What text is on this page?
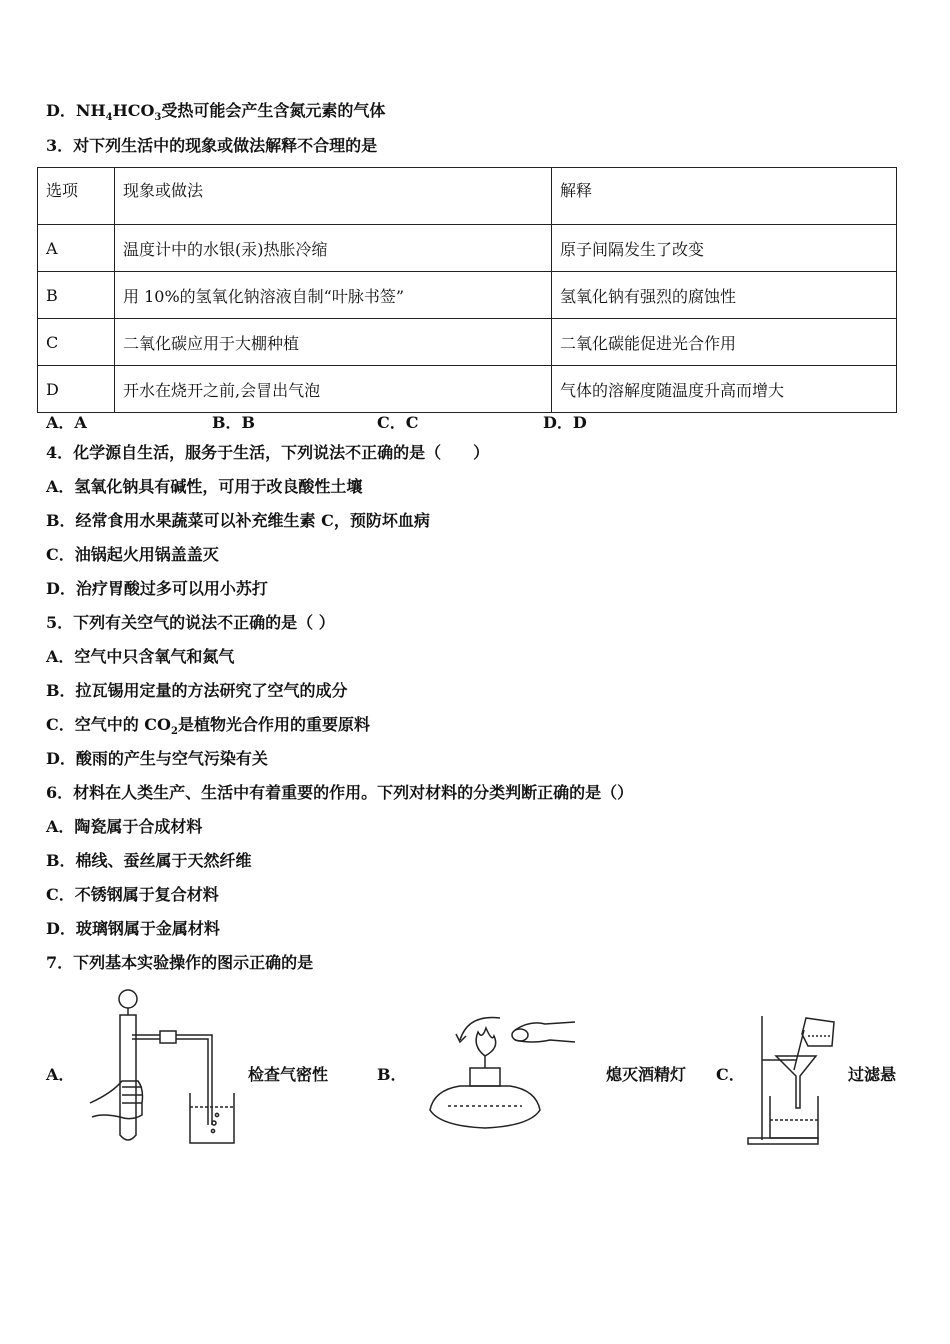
D．$NH_4HCO_3$受热可能会产生含氮元素的气体
3．对下列生活中的现象或做法解释不合理的是
选项	现象或做法	解释
A	温度计中的水银(汞)热胀冷缩	原子间隔发生了改变
B	用 10%的氢氧化钠溶液自制“叶脉书签”	氢氧化钠有强烈的腐蚀性
C	二氧化碳应用于大棚种植	二氧化碳能促进光合作用
D	开水在烧开之前,会冒出气泡	气体的溶解度随温度升高而增大
A．A	B．B	C．C	D．D
4．化学源自生活，服务于生活，下列说法不正确的是（　　）
A．氢氧化钠具有碱性，可用于改良酸性土壤
B．经常食用水果蔬菜可以补充维生素 C，预防坏血病
C．油锅起火用锅盖盖灭
D．治疗胃酸过多可以用小苏打
5．下列有关空气的说法不正确的是（ ）
A．空气中只含氧气和氮气
B．拉瓦锡用定量的方法研究了空气的成分
C．空气中的 $CO_2$是植物光合作用的重要原料
D．酸雨的产生与空气污染有关
6．材料在人类生产、生活中有着重要的作用。下列对材料的分类判断正确的是（）
A．陶瓷属于合成材料
B．棉线、蚕丝属于天然纤维
C．不锈钢属于复合材料
D．玻璃钢属于金属材料
7．下列基本实验操作的图示正确的是
A．	检查气密性	B．	熄灭酒精灯 C．	过滤悬
